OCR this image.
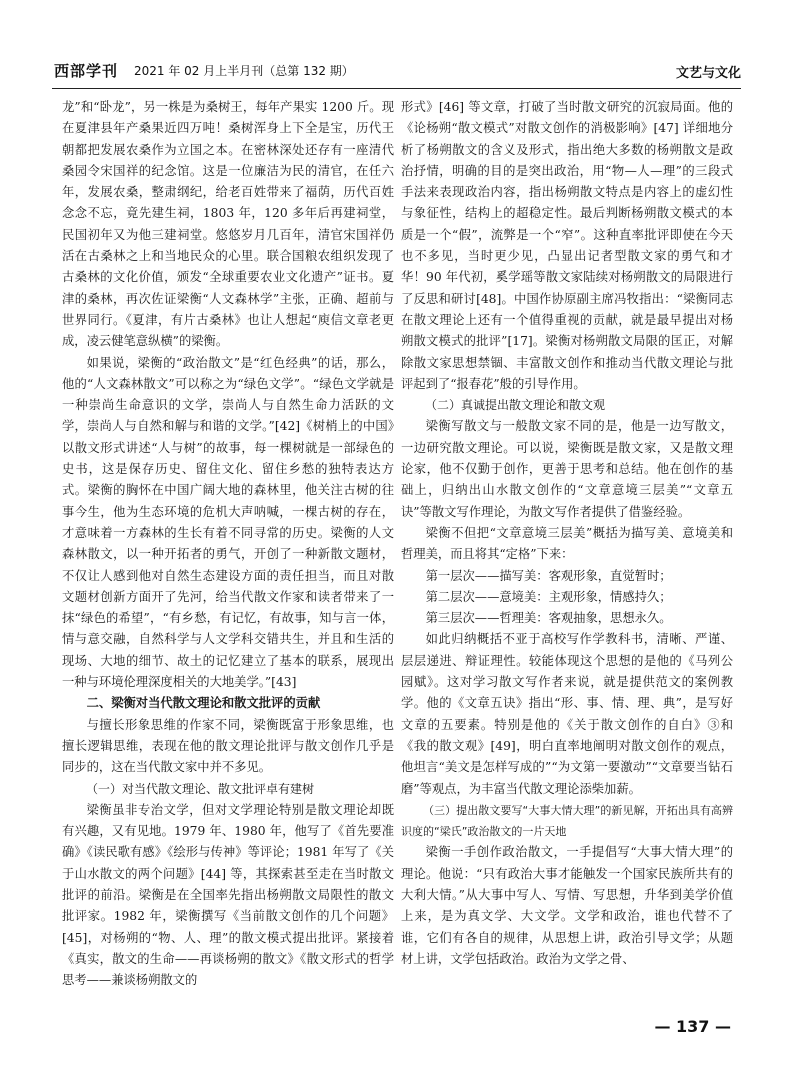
西部学刊 2021 年 02 月上半月刊（总第 132 期）	文艺与文化

龙”和“卧龙”，另一株是为桑树王，每年产果实 1200 斤。现在夏津县年产桑果近四万吨！桑树浑身上下全是宝，历代王朝都把发展农桑作为立国之本。在密林深处还存有一座清代桑园令宋国祥的纪念馆。这是一位廉洁为民的清官，在任六年，发展农桑，整肃纲纪，给老百姓带来了福荫，历代百姓念念不忘，竟先建生祠，1803 年，120 多年后再建祠堂，民国初年又为他三建祠堂。悠悠岁月几百年，清官宋国祥仍活在古桑林之上和当地民众的心里。联合国粮农组织发现了古桑林的文化价值，颁发“全球重要农业文化遗产”证书。夏津的桑林，再次佐证梁衡“人文森林学”主张，正确、超前与世界同行。《夏津，有片古桑林》也让人想起“庾信文章老更成，凌云健笔意纵横”的梁衡。

如果说，梁衡的“政治散文”是“红色经典”的话，那么，他的“人文森林散文”可以称之为“绿色文学”。“绿色文学就是一种崇尚生命意识的文学，崇尚人与自然生命力活跃的文学，崇尚人与自然和解与和谐的文学。”[42]《树梢上的中国》以散文形式讲述“人与树”的故事，每一棵树就是一部绿色的史书，这是保存历史、留住文化、留住乡愁的独特表达方式。梁衡的胸怀在中国广阔大地的森林里，他关注古树的往事今生，他为生态环境的危机大声呐喊，一棵古树的存在，才意味着一方森林的生长有着不同寻常的历史。梁衡的人文森林散文，以一种开拓者的勇气，开创了一种新散文题材，不仅让人感到他对自然生态建设方面的责任担当，而且对散文题材创新方面开了先河，给当代散文作家和读者带来了一抹“绿色的希望”，“有乡愁，有记忆，有故事，知与言一体，情与意交融，自然科学与人文学科交错共生，并且和生活的现场、大地的细节、故土的记忆建立了基本的联系，展现出一种与环境伦理深度相关的大地美学。”[43]

二、梁衡对当代散文理论和散文批评的贡献

与擅长形象思维的作家不同，梁衡既富于形象思维，也擅长逻辑思维，表现在他的散文理论批评与散文创作几乎是同步的，这在当代散文家中并不多见。

（一）对当代散文理论、散文批评卓有建树

梁衡虽非专治文学，但对文学理论特别是散文理论却既有兴趣，又有见地。1979 年、1980 年，他写了《首先要准确》《读民歌有感》《绘形与传神》等评论；1981 年写了《关于山水散文的两个问题》[44] 等，其探索甚至走在当时散文批评的前沿。梁衡是在全国率先指出杨朔散文局限性的散文批评家。1982 年，梁衡撰写《当前散文创作的几个问题》[45]，对杨朔的“物、人、理”的散文模式提出批评。紧接着《真实，散文的生命——再谈杨朔的散文》《散文形式的哲学思考——兼谈杨朔散文的

形式》[46] 等文章，打破了当时散文研究的沉寂局面。他的《论杨朔“散文模式”对散文创作的消极影响》[47] 详细地分析了杨朔散文的含义及形式，指出绝大多数的杨朔散文是政治抒情，明确的目的是突出政治，用“物—人—理”的三段式手法来表现政治内容，指出杨朔散文特点是内容上的虚幻性与象征性，结构上的超稳定性。最后判断杨朔散文模式的本质是一个“假”，流弊是一个“窄”。这种直率批评即使在今天也不多见，当时更少见，凸显出记者型散文家的勇气和才华！90 年代初，奚学瑶等散文家陆续对杨朔散文的局限进行了反思和研讨[48]。中国作协原副主席冯牧指出：“梁衡同志在散文理论上还有一个值得重视的贡献，就是最早提出对杨朔散文模式的批评”[17]。梁衡对杨朔散文局限的匡正，对解除散文家思想禁锢、丰富散文创作和推动当代散文理论与批评起到了“报春花”般的引导作用。

（二）真诚提出散文理论和散文观

梁衡写散文与一般散文家不同的是，他是一边写散文，一边研究散文理论。可以说，梁衡既是散文家，又是散文理论家，他不仅勤于创作，更善于思考和总结。他在创作的基础上，归纳出山水散文创作的“文章意境三层美”“文章五诀”等散文写作理论，为散文写作者提供了借鉴经验。

梁衡不但把“文章意境三层美”概括为描写美、意境美和哲理美，而且将其“定格”下来：

第一层次——描写美：客观形象，直觉暂时；

第二层次——意境美：主观形象，情感持久；

第三层次——哲理美：客观抽象，思想永久。

如此归纳概括不亚于高校写作学教科书，清晰、严谨、层层递进、辩证理性。较能体现这个思想的是他的《马列公园赋》。这对学习散文写作者来说，就是提供范文的案例教学。他的《文章五诀》指出“形、事、情、理、典”，是写好文章的五要素。特别是他的《关于散文创作的自白》③和《我的散文观》[49]，明白直率地阐明对散文创作的观点，他坦言“美文是怎样写成的”“为文第一要激动”“文章要当钻石磨”等观点，为丰富当代散文理论添柴加薪。

（三）提出散文要写“大事大情大理”的新见解，开拓出具有高辨识度的“梁氏”政治散文的一片天地

梁衡一手创作政治散文，一手提倡写“大事大情大理”的理论。他说：“只有政治大事才能触发一个国家民族所共有的大利大情。”从大事中写人、写情、写思想，升华到美学价值上来，是为真文学、大文学。文学和政治，谁也代替不了谁，它们有各自的规律，从思想上讲，政治引导文学；从题材上讲，文学包括政治。政治为文学之骨、

— 137 —
